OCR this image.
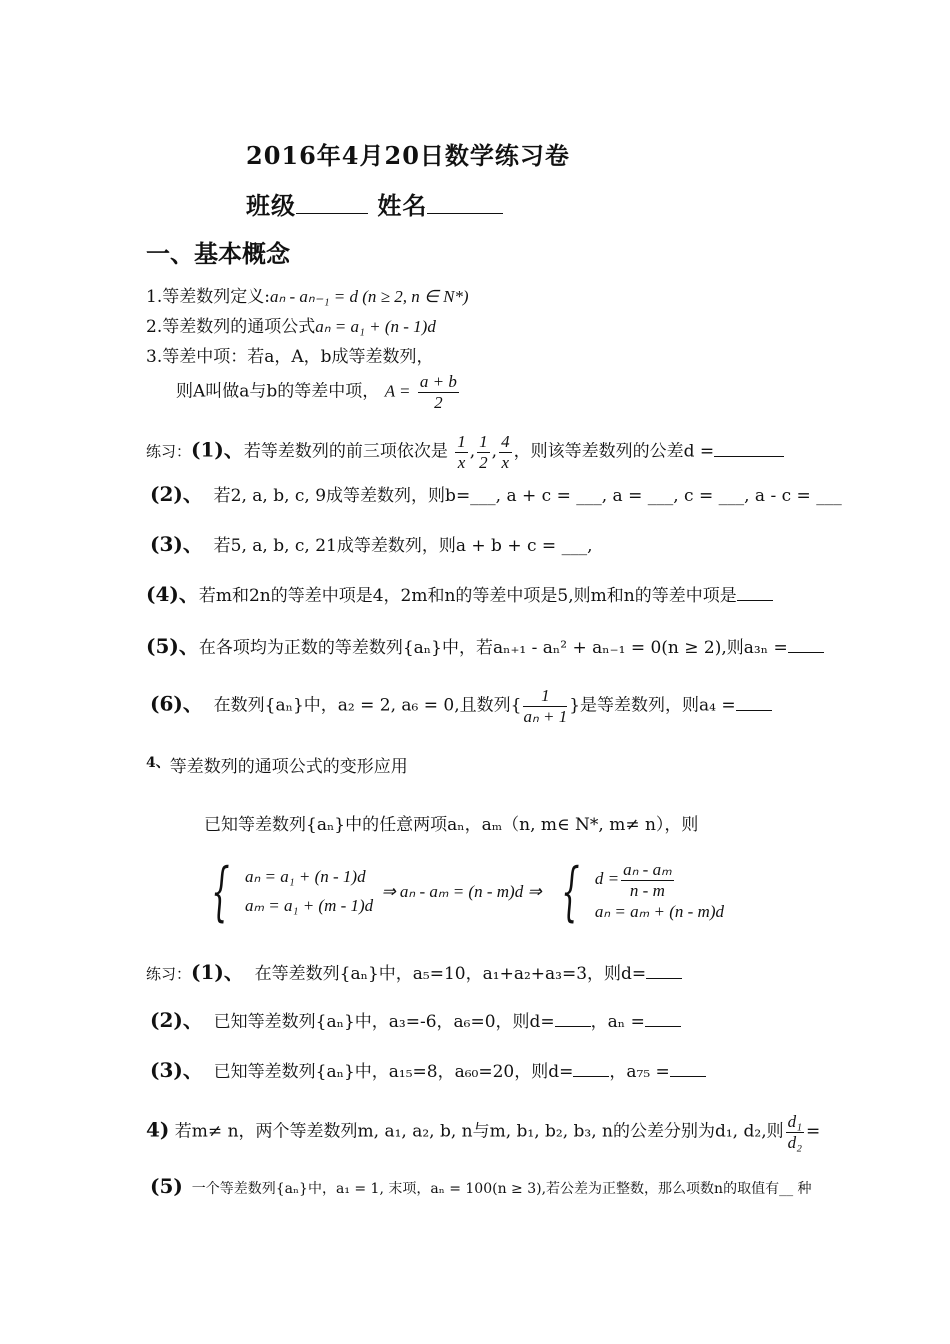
2016年4月20日数学练习卷
班级	姓名
一、基本概念
1.等差数列定义:aₙ - aₙ₋₁ = d (n ≥ 2, n ∈ N*)
2.等差数列的通项公式aₙ = a₁ + (n - 1)d
3.等差中项：若a，A，b成等差数列，
则A叫做a与b的等差中项， $A = \frac{a + b}{2}$
练习：(1)、若等差数列的前三项依次是 $\frac{1}{x}$ , $\frac{1}{2}$ , $\frac{4}{x}$ ，则该等差数列的公差d =
(2)、 若2, a, b, c, 9成等差数列，则b=___, a + c = ___, a = ___, c = ___, a - c = ___
(3)、 若5, a, b, c, 21成等差数列，则a + b + c = ___,
(4)、若m和2n的等差中项是4，2m和n的等差中项是5,则m和n的等差中项是
(5)、在各项均为正数的等差数列{aₙ}中，若aₙ₊₁ - aₙ² + aₙ₋₁ = 0(n ≥ 2),则a₃ₙ =
(6)、 在数列{aₙ}中，a₂ = 2, a₆ = 0,且数列{ $\frac{1}{\text{aₙ + 1}}$ }是等差数列，则a₄ =
$^{4、}$等差数列的通项公式的变形应用
已知等差数列{aₙ}中的任意两项aₙ，aₘ（n, m∈ N*, m≠ n），则
{ aₙ = a₁ + (n - 1)d
aₘ = a₁ + (m - 1)d
⇒ aₙ - aₘ = (n - m)d ⇒ { $d = \frac{\text{aₙ - aₘ}}{n - m}$
aₙ = aₘ + (n - m)d
练习：(1)、 在等差数列{aₙ}中，a₅=10，a₁+a₂+a₃=3，则d=
(2)、 已知等差数列{aₙ}中，a₃=-6，a₆=0，则d= ，aₙ =
(3)、 已知等差数列{aₙ}中，a₁₅=8，a₆₀=20，则d= ，a₇₅ =
4) 若m≠ n，两个等差数列m, a₁, a₂, b, n与m, b₁, b₂, b₃, n的公差分别为d₁, d₂,则 $\frac{\text{d₁}}{\text{d₂}}$ =
(5) 一个等差数列{aₙ}中，a₁ = 1, 末项，aₙ = 100(n ≥ 3),若公差为正整数，那么项数n的取值有__ 种
